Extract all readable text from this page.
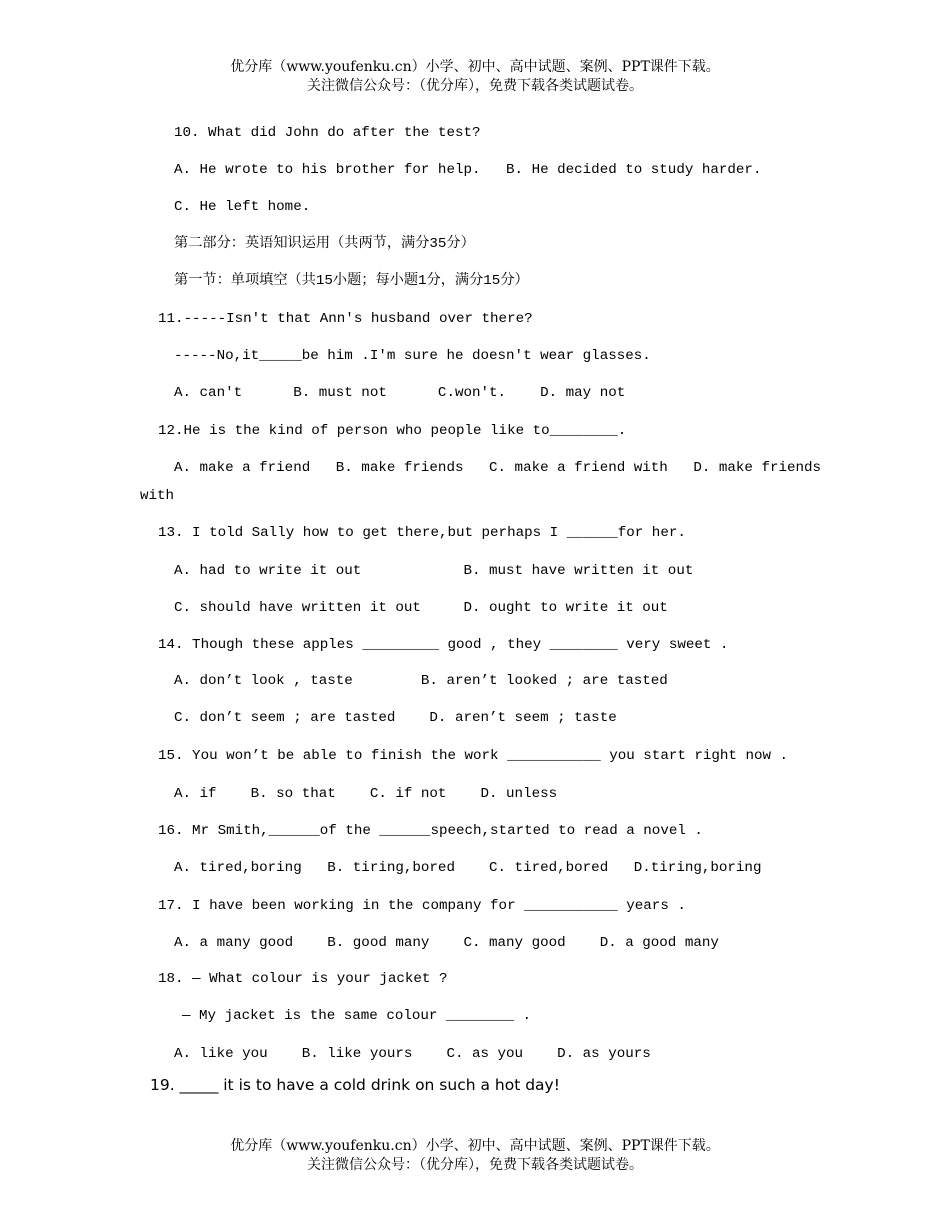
优分库（www.youfenku.cn）小学、初中、高中试题、案例、PPT课件下载。
关注微信公众号：（优分库），免费下载各类试题试卷。
10. What did John do after the test?
A. He wrote to his brother for help.   B. He decided to study harder.
C. He left home.
第二部分：英语知识运用（共两节，满分35分）
第一节：单项填空（共15小题；每小题1分，满分15分）
11.-----Isn't that Ann's husband over there?
-----No,it_____be him .I'm sure he doesn't wear glasses.
A. can't      B. must not      C.won't.    D. may not
12.He is the kind of person who people like to________.
A. make a friend   B. make friends   C. make a friend with   D. make friends
with
13. I told Sally how to get there,but perhaps I ______for her.
A. had to write it out            B. must have written it out
C. should have written it out     D. ought to write it out
14. Though these apples _________ good , they ________ very sweet .
A. don’t look , taste        B. aren’t looked ; are tasted
C. don’t seem ; are tasted    D. aren’t seem ; taste
15. You won’t be able to finish the work ___________ you start right now .
A. if    B. so that    C. if not    D. unless
16. Mr Smith,______of the ______speech,started to read a novel .
A. tired,boring   B. tiring,bored    C. tired,bored   D.tiring,boring
17. I have been working in the company for ___________ years .
A. a many good    B. good many    C. many good    D. a good many
18. — What colour is your jacket ?
— My jacket is the same colour ________ .
A. like you    B. like yours    C. as you    D. as yours
19. _____ it is to have a cold drink on such a hot day!
优分库（www.youfenku.cn）小学、初中、高中试题、案例、PPT课件下载。
关注微信公众号：（优分库），免费下载各类试题试卷。
